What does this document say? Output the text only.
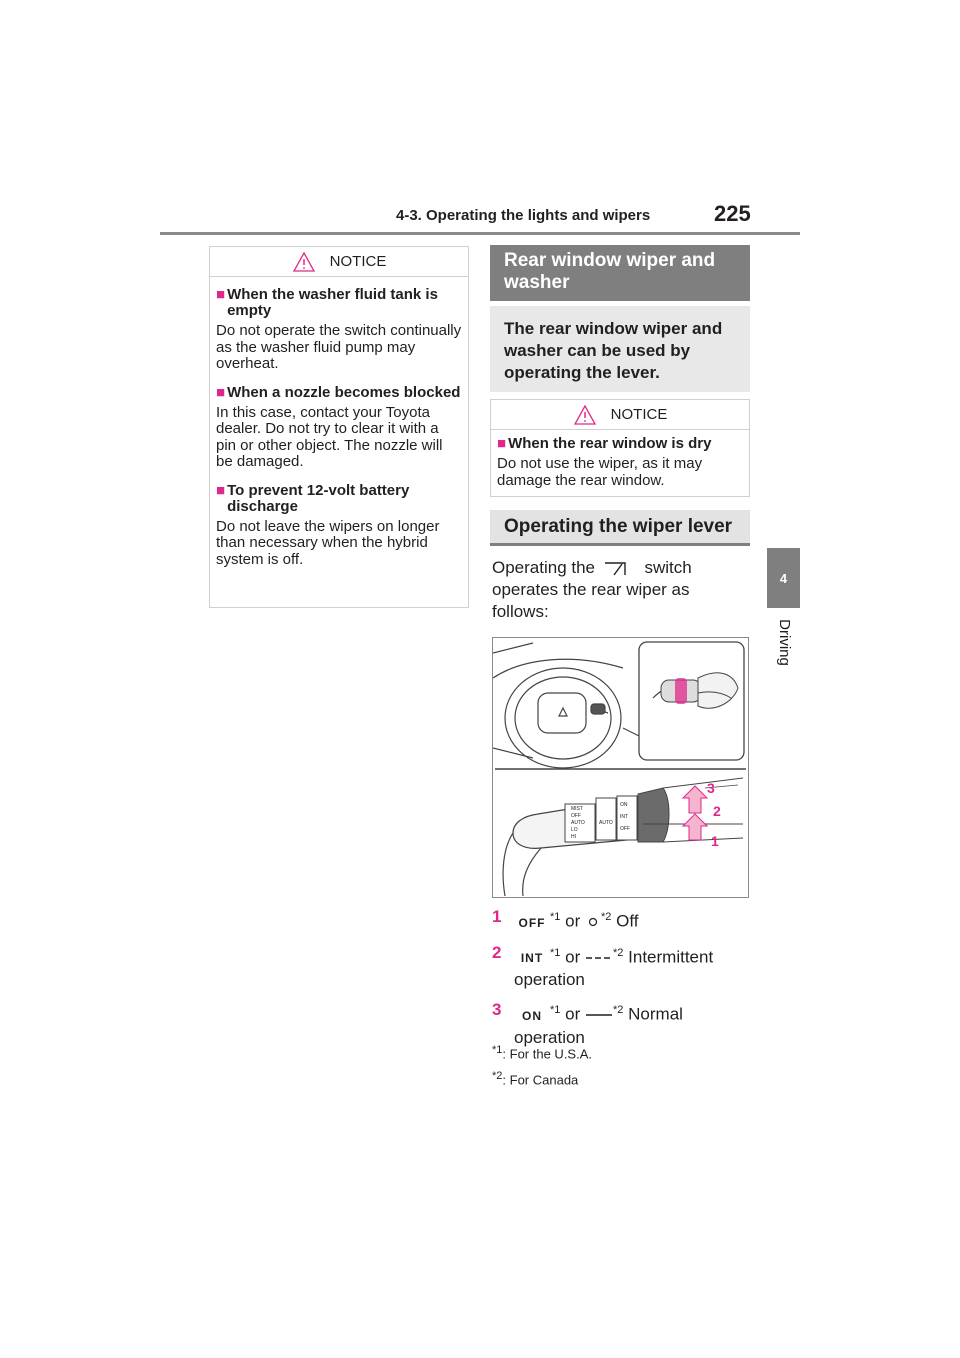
4-3. Operating the lights and wipers	225
4
Driving
NOTICE
■ When the washer fluid tank is empty
Do not operate the switch continually as the washer fluid pump may overheat.
■ When a nozzle becomes blocked
In this case, contact your Toyota dealer. Do not try to clear it with a pin or other object. The nozzle will be damaged.
■ To prevent 12-volt battery discharge
Do not leave the wipers on longer than necessary when the hybrid system is off.
Rear window wiper and washer
The rear window wiper and washer can be used by operating the lever.
NOTICE
■ When the rear window is dry
Do not use the wiper, as it may damage the rear window.
Operating the wiper lever
Operating the	switch operates the rear wiper as follows:
MIST
OFF
AUTO
LO
HI
AUTO
ON
INT
OFF
3
2
1
1	OFF $^{*1}$ or $^{*2}$ Off
2	INT $^{*1}$ or	$^{*2}$ Intermittent operation
3	ON $^{*1}$ or	$^{*2}$ Normal operation
$^{*1}$: For the U.S.A.
$^{*2}$: For Canada
